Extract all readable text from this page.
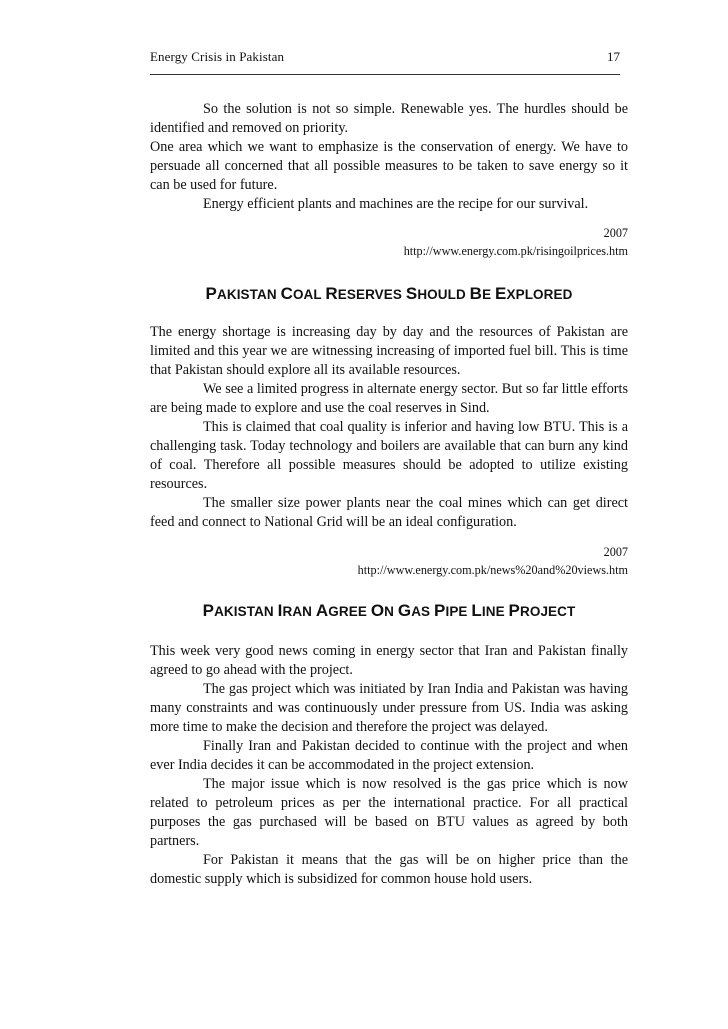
Energy Crisis in Pakistan	17

So the solution is not so simple. Renewable yes. The hurdles should be identified and removed on priority.

One area which we want to emphasize is the conservation of energy. We have to persuade all concerned that all possible measures to be taken to save energy so it can be used for future.

Energy efficient plants and machines are the recipe for our survival.

2007

http://www.energy.com.pk/risingoilprices.htm

PAKISTAN COAL RESERVES SHOULD BE EXPLORED

The energy shortage is increasing day by day and the resources of Pakistan are limited and this year we are witnessing increasing of imported fuel bill. This is time that Pakistan should explore all its available resources.

We see a limited progress in alternate energy sector. But so far little efforts are being made to explore and use the coal reserves in Sind.

This is claimed that coal quality is inferior and having low BTU. This is a challenging task. Today technology and boilers are available that can burn any kind of coal. Therefore all possible measures should be adopted to utilize existing resources.

The smaller size power plants near the coal mines which can get direct feed and connect to National Grid will be an ideal configuration.

2007

http://www.energy.com.pk/news%20and%20views.htm

PAKISTAN IRAN AGREE ON GAS PIPE LINE PROJECT

This week very good news coming in energy sector that Iran and Pakistan finally agreed to go ahead with the project.

The gas project which was initiated by Iran India and Pakistan was having many constraints and was continuously under pressure from US. India was asking more time to make the decision and therefore the project was delayed.

Finally Iran and Pakistan decided to continue with the project and when ever India decides it can be accommodated in the project extension.

The major issue which is now resolved is the gas price which is now related to petroleum prices as per the international practice. For all practical purposes the gas purchased will be based on BTU values as agreed by both partners.

For Pakistan it means that the gas will be on higher price than the domestic supply which is subsidized for common house hold users.
